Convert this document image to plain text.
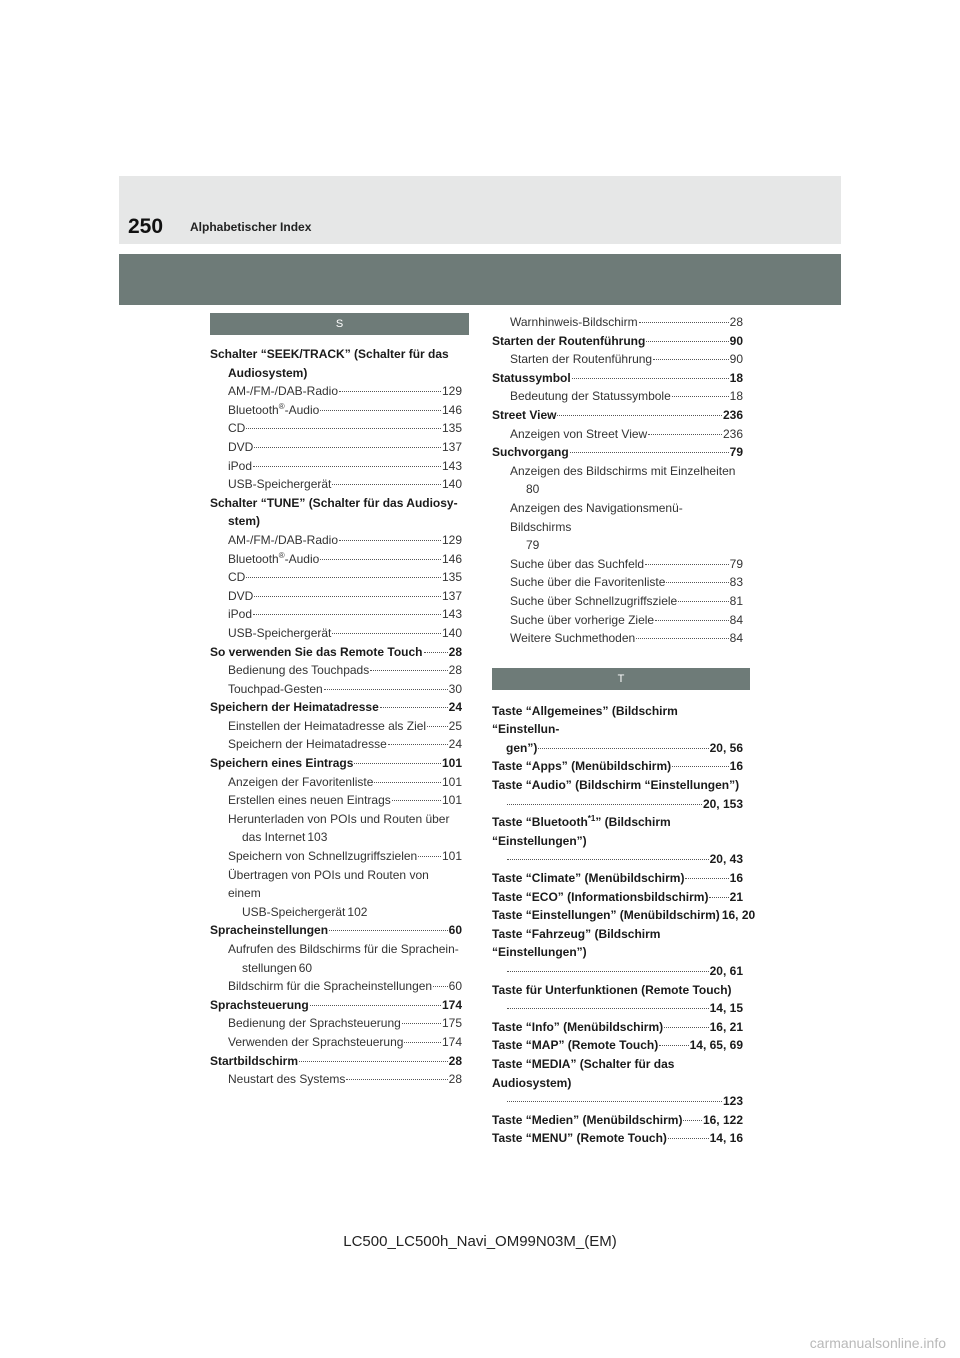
250 Alphabetischer Index
S
Schalter “SEEK/TRACK” (Schalter für das
Audiosystem)
AM-/FM-/DAB-Radio	129
Bluetooth®-Audio	146
CD	135
DVD	137
iPod	143
USB-Speichergerät	140
Schalter “TUNE” (Schalter für das Audiosy-
stem)
AM-/FM-/DAB-Radio	129
Bluetooth®-Audio	146
CD	135
DVD	137
iPod	143
USB-Speichergerät	140
So verwenden Sie das Remote Touch 28
Bedienung des Touchpads	28
Touchpad-Gesten	30
Speichern der Heimatadresse	24
Einstellen der Heimatadresse als Ziel 25
Speichern der Heimatadresse	24
Speichern eines Eintrags	101
Anzeigen der Favoritenliste	101
Erstellen eines neuen Eintrags	101
Herunterladen von POIs und Routen über
das Internet 103
Speichern von Schnellzugriffszielen 101
Übertragen von POIs und Routen von einem
USB-Speichergerät 102
Spracheinstellungen	60
Aufrufen des Bildschirms für die Sprachein-
stellungen 60
Bildschirm für die Spracheinstellungen 60
Sprachsteuerung	174
Bedienung der Sprachsteuerung	175
Verwenden der Sprachsteuerung	174
Startbildschirm	28
Neustart des Systems	28
Warnhinweis-Bildschirm	28
Starten der Routenführung	90
Starten der Routenführung	90
Statussymbol	18
Bedeutung der Statussymbole	18
Street View	236
Anzeigen von Street View	236
Suchvorgang	79
Anzeigen des Bildschirms mit Einzelheiten
80
Anzeigen des Navigationsmenü-Bildschirms
79
Suche über das Suchfeld	79
Suche über die Favoritenliste	83
Suche über Schnellzugriffsziele	81
Suche über vorherige Ziele	84
Weitere Suchmethoden	84
T
Taste “Allgemeines” (Bildschirm “Einstellun-
gen”)	20, 56
Taste “Apps” (Menübildschirm)	16
Taste “Audio” (Bildschirm “Einstellungen”)
20, 153
Taste “Bluetooth$^{*1}$” (Bildschirm “Einstellungen”)
20, 43
Taste “Climate” (Menübildschirm)	16
Taste “ECO” (Informationsbildschirm) 21
Taste “Einstellungen” (Menübildschirm) 16, 20
Taste “Fahrzeug” (Bildschirm “Einstellungen”)
20, 61
Taste für Unterfunktionen (Remote Touch)
14, 15
Taste “Info” (Menübildschirm)	16, 21
Taste “MAP” (Remote Touch)	14, 65, 69
Taste “MEDIA” (Schalter für das Audiosystem)
123
Taste “Medien” (Menübildschirm) 16, 122
Taste “MENU” (Remote Touch)	14, 16
LC500_LC500h_Navi_OM99N03M_(EM)
carmanualsonline.info
